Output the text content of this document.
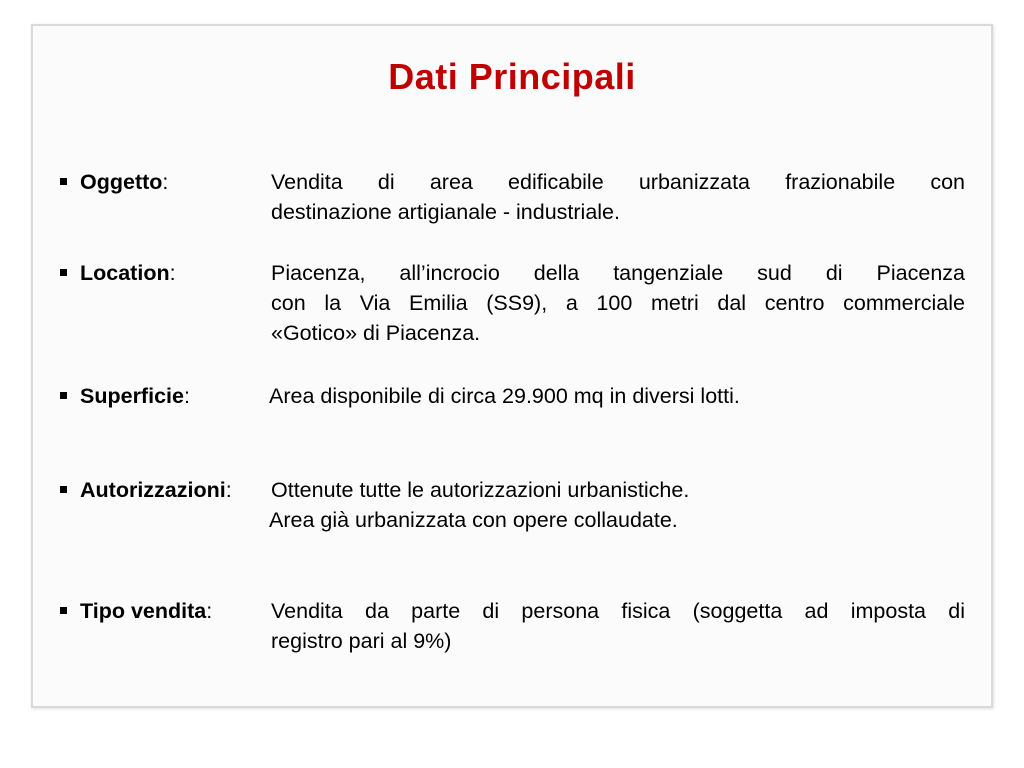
Dati Principali
Oggetto:	Vendita di area edificabile urbanizzata frazionabile con
destinazione artigianale - industriale.
Location:	Piacenza, all’incrocio della tangenziale sud di Piacenza
con la Via Emilia (SS9), a 100 metri dal centro commerciale
«Gotico» di Piacenza.
Superficie:	Area disponibile di circa 29.900 mq in diversi lotti.
Autorizzazioni: Ottenute tutte le autorizzazioni urbanistiche.
Area già urbanizzata con opere collaudate.
Tipo vendita:	Vendita da parte di persona fisica (soggetta ad imposta di
registro pari al 9%)
